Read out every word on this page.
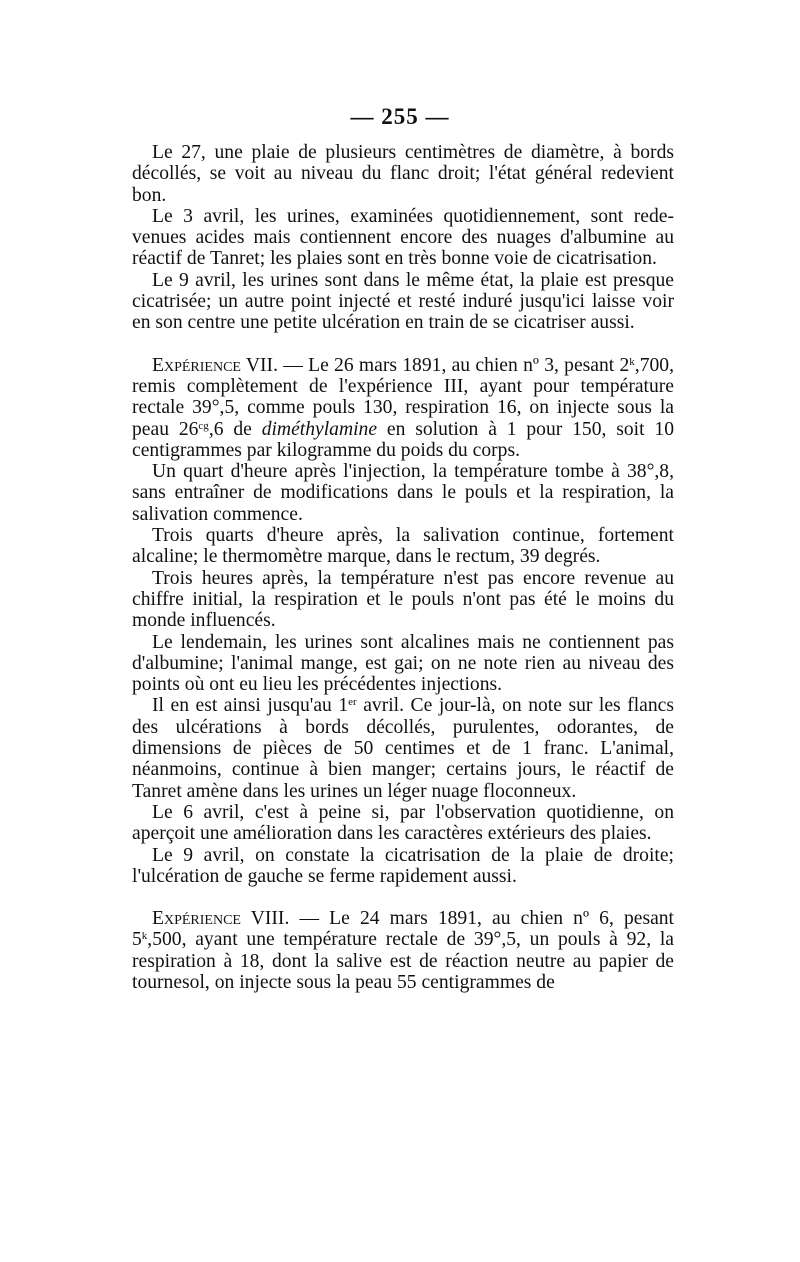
— 255 —

Le 27, une plaie de plusieurs centimètres de diamètre, à bords décollés, se voit au niveau du flanc droit; l'état général redevient bon.

Le 3 avril, les urines, examinées quotidiennement, sont redevenues acides mais contiennent encore des nuages d'albumine au réactif de Tanret; les plaies sont en très bonne voie de cicatrisation.

Le 9 avril, les urines sont dans le même état, la plaie est presque cicatrisée; un autre point injecté et resté induré jusqu'ici laisse voir en son centre une petite ulcération en train de se cicatriser aussi.

Expérience VII. — Le 26 mars 1891, au chien nº 3, pesant 2$^k$,700, remis complètement de l'expérience III, ayant pour température rectale 39°,5, comme pouls 130, respiration 16, on injecte sous la peau $26^{cg},6$ de diméthylamine en solution à 1 pour 150, soit 10 centigrammes par kilogramme du poids du corps.

Un quart d'heure après l'injection, la température tombe à 38°,8, sans entraîner de modifications dans le pouls et la respiration, la salivation commence.

Trois quarts d'heure après, la salivation continue, fortement alcaline; le thermomètre marque, dans le rectum, 39 degrés.

Trois heures après, la température n'est pas encore revenue au chiffre initial, la respiration et le pouls n'ont pas été le moins du monde influencés.

Le lendemain, les urines sont alcalines mais ne contiennent pas d'albumine; l'animal mange, est gai; on ne note rien au niveau des points où ont eu lieu les précédentes injections.

Il en est ainsi jusqu'au 1er avril. Ce jour-là, on note sur les flancs des ulcérations à bords décollés, purulentes, odorantes, de dimensions de pièces de 50 centimes et de 1 franc. L'animal, néanmoins, continue à bien manger; certains jours, le réactif de Tanret amène dans les urines un léger nuage floconneux.

Le 6 avril, c'est à peine si, par l'observation quotidienne, on aperçoit une amélioration dans les caractères extérieurs des plaies.

Le 9 avril, on constate la cicatrisation de la plaie de droite; l'ulcération de gauche se ferme rapidement aussi.

Expérience VIII. — Le 24 mars 1891, au chien nº 6, pesant 5$^k$,500, ayant une température rectale de 39°,5, un pouls à 92, la respiration à 18, dont la salive est de réaction neutre au papier de tournesol, on injecte sous la peau 55 centigrammes de
